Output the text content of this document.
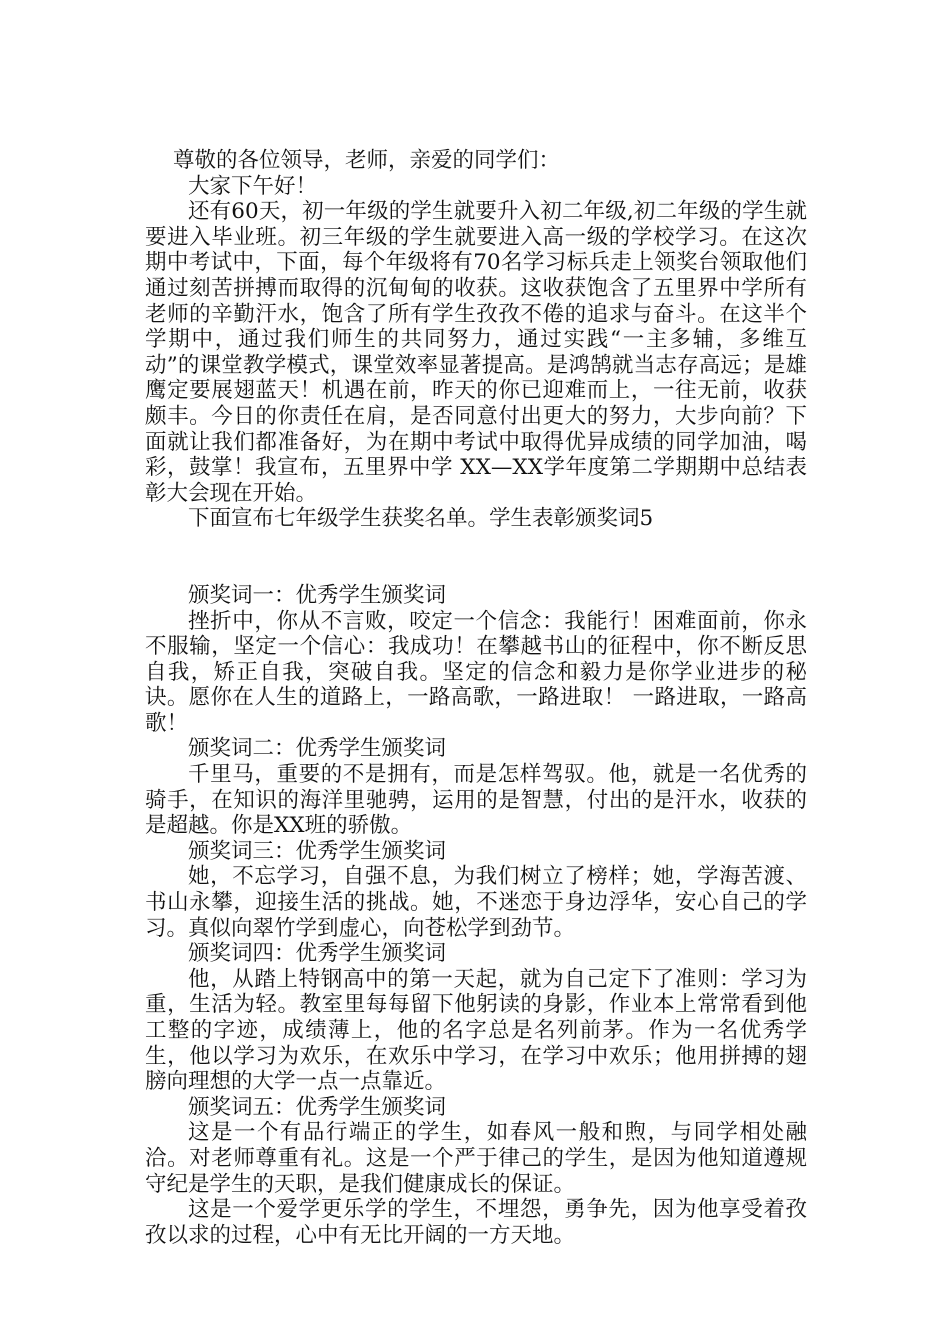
尊敬的各位领导，老师，亲爱的同学们：

大家下午好！

还有60天，初一年级的学生就要升入初二年级,初二年级的学生就要进入毕业班。初三年级的学生就要进入高一级的学校学习。在这次期中考试中，下面，每个年级将有70名学习标兵走上领奖台领取他们通过刻苦拼搏而取得的沉甸甸的收获。这收获饱含了五里界中学所有老师的辛勤汗水，饱含了所有学生孜孜不倦的追求与奋斗。在这半个学期中，通过我们师生的共同努力，通过实践“一主多辅，多维互动”的课堂教学模式，课堂效率显著提高。是鸿鹄就当志存高远；是雄鹰定要展翅蓝天！机遇在前，昨天的你已迎难而上，一往无前，收获颇丰。今日的你责任在肩，是否同意付出更大的努力，大步向前？下面就让我们都准备好，为在期中考试中取得优异成绩的同学加油，喝彩，鼓掌！我宣布，五里界中学 XX—XX学年度第二学期期中总结表彰大会现在开始。

下面宣布七年级学生获奖名单。学生表彰颁奖词5

颁奖词一：优秀学生颁奖词

挫折中，你从不言败，咬定一个信念：我能行！困难面前，你永不服输，坚定一个信心：我成功！在攀越书山的征程中，你不断反思自我，矫正自我，突破自我。坚定的信念和毅力是你学业进步的秘诀。愿你在人生的道路上，一路高歌，一路进取！ 一路进取，一路高歌！

颁奖词二：优秀学生颁奖词

千里马，重要的不是拥有，而是怎样驾驭。他，就是一名优秀的骑手，在知识的海洋里驰骋，运用的是智慧，付出的是汗水，收获的是超越。你是XX班的骄傲。

颁奖词三：优秀学生颁奖词

她，不忘学习，自强不息，为我们树立了榜样；她，学海苦渡、书山永攀，迎接生活的挑战。她，不迷恋于身边浮华，安心自己的学习。真似向翠竹学到虚心，向苍松学到劲节。

颁奖词四：优秀学生颁奖词

他，从踏上特钢高中的第一天起，就为自己定下了准则：学习为重，生活为轻。教室里每每留下他躬读的身影，作业本上常常看到他工整的字迹，成绩薄上，他的名字总是名列前茅。作为一名优秀学生，他以学习为欢乐，在欢乐中学习，在学习中欢乐；他用拼搏的翅膀向理想的大学一点一点靠近。

颁奖词五：优秀学生颁奖词

这是一个有品行端正的学生，如春风一般和煦，与同学相处融洽。对老师尊重有礼。这是一个严于律己的学生，是因为他知道遵规守纪是学生的天职，是我们健康成长的保证。

这是一个爱学更乐学的学生，不埋怨，勇争先，因为他享受着孜孜以求的过程，心中有无比开阔的一方天地。
